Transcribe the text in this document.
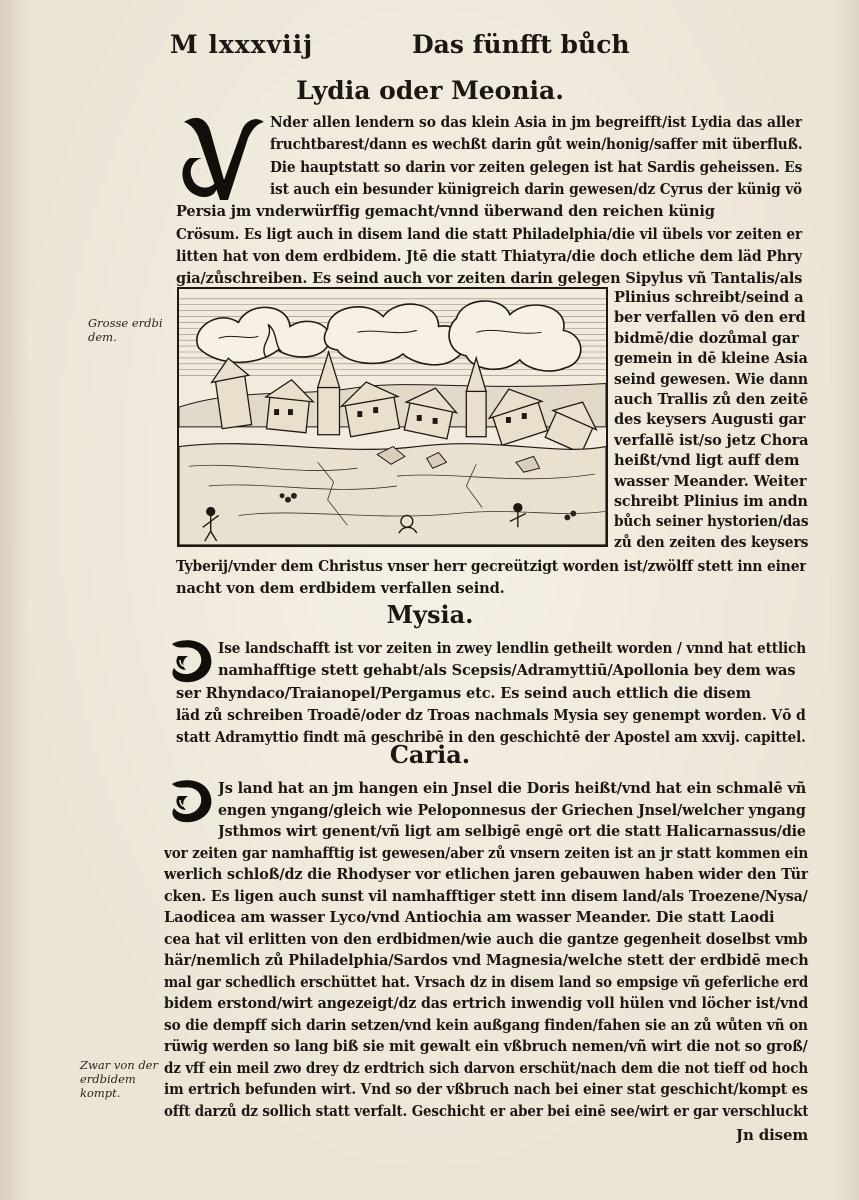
M lxxxviij	Das fünfft bůch
Lydia oder Meonia.
Nder allen lendern so das klein Asia in jm begreifft/ist Lydia das aller
fruchtbarest/dann es wechßt darin gůt wein/honig/saffer mit überfluß.
Die hauptstatt so darin vor zeiten gelegen ist hat Sardis geheissen. Es
ist auch ein besunder künigreich darin gewesen/dz Cyrus der künig vö
Persia jm vnderwürffig gemacht/vnnd überwand den reichen künig
Crösum. Es ligt auch in disem land die statt Philadelphia/die vil übels vor zeiten er
litten hat von dem erdbidem. Jtē die statt Thiatyra/die doch etliche dem läd Phry
gia/zůschreiben. Es seind auch vor zeiten darin gelegen Sipylus vñ Tantalis/als
Plinius schreibt/seind a
ber verfallen vō den erd
bidmē/die dozůmal gar
gemein in dē kleine Asia
seind gewesen. Wie dann
auch Trallis zů den zeitē
des keysers Augusti gar
verfallē ist/so jetz Chora
heißt/vnd ligt auff dem
wasser Meander. Weiter
schreibt Plinius im andn
bůch seiner hystorien/das
zů den zeiten des keysers
Tyberij/vnder dem Christus vnser herr gecreützigt worden ist/zwölff stett inn einer
nacht von dem erdbidem verfallen seind.
Grosse erdbi
dem.
Mysia.
Ise landschafft ist vor zeiten in zwey lendlin getheilt worden / vnnd hat ettlich
namhafftige stett gehabt/als Scepsis/Adramyttiū/Apollonia bey dem was
ser Rhyndaco/Traianopel/Pergamus etc. Es seind auch ettlich die disem
läd zů schreiben Troadē/oder dz Troas nachmals Mysia sey genempt worden. Vō d
statt Adramyttio findt mā geschribē in den geschichtē der Apostel am xxvij. capittel.
Caria.
Js land hat an jm hangen ein Jnsel die Doris heißt/vnd hat ein schmalē vñ
engen yngang/gleich wie Peloponnesus der Griechen Jnsel/welcher yngang
Jsthmos wirt genent/vñ ligt am selbigē engē ort die statt Halicarnassus/die
vor zeiten gar namhafftig ist gewesen/aber zů vnsern zeiten ist an jr statt kommen ein
werlich schloß/dz die Rhodyser vor etlichen jaren gebauwen haben wider den Tür
cken. Es ligen auch sunst vil namhafftiger stett inn disem land/als Troezene/Nysa/
Laodicea am wasser Lyco/vnd Antiochia am wasser Meander. Die statt Laodi
cea hat vil erlitten von den erdbidmen/wie auch die gantze gegenheit doselbst vmb
här/nemlich zů Philadelphia/Sardos vnd Magnesia/welche stett der erdbidē mech
mal gar schedlich erschüttet hat. Vrsach dz in disem land so empsige vñ geferliche erd
bidem erstond/wirt angezeigt/dz das ertrich inwendig voll hülen vnd löcher ist/vnd
so die dempff sich darin setzen/vnd kein außgang finden/fahen sie an zů wůten vñ on
rüwig werden so lang biß sie mit gewalt ein vßbruch nemen/vñ wirt die not so groß/
dz vff ein meil zwo drey dz erdtrich sich darvon erschüt/nach dem die not tieff od hoch
im ertrich befunden wirt. Vnd so der vßbruch nach bei einer stat geschicht/kompt es
offt darzů dz sollich statt verfalt. Geschicht er aber bei einē see/wirt er gar verschluckt
Zwar von der
erdbidem
kompt.
Jn disem
